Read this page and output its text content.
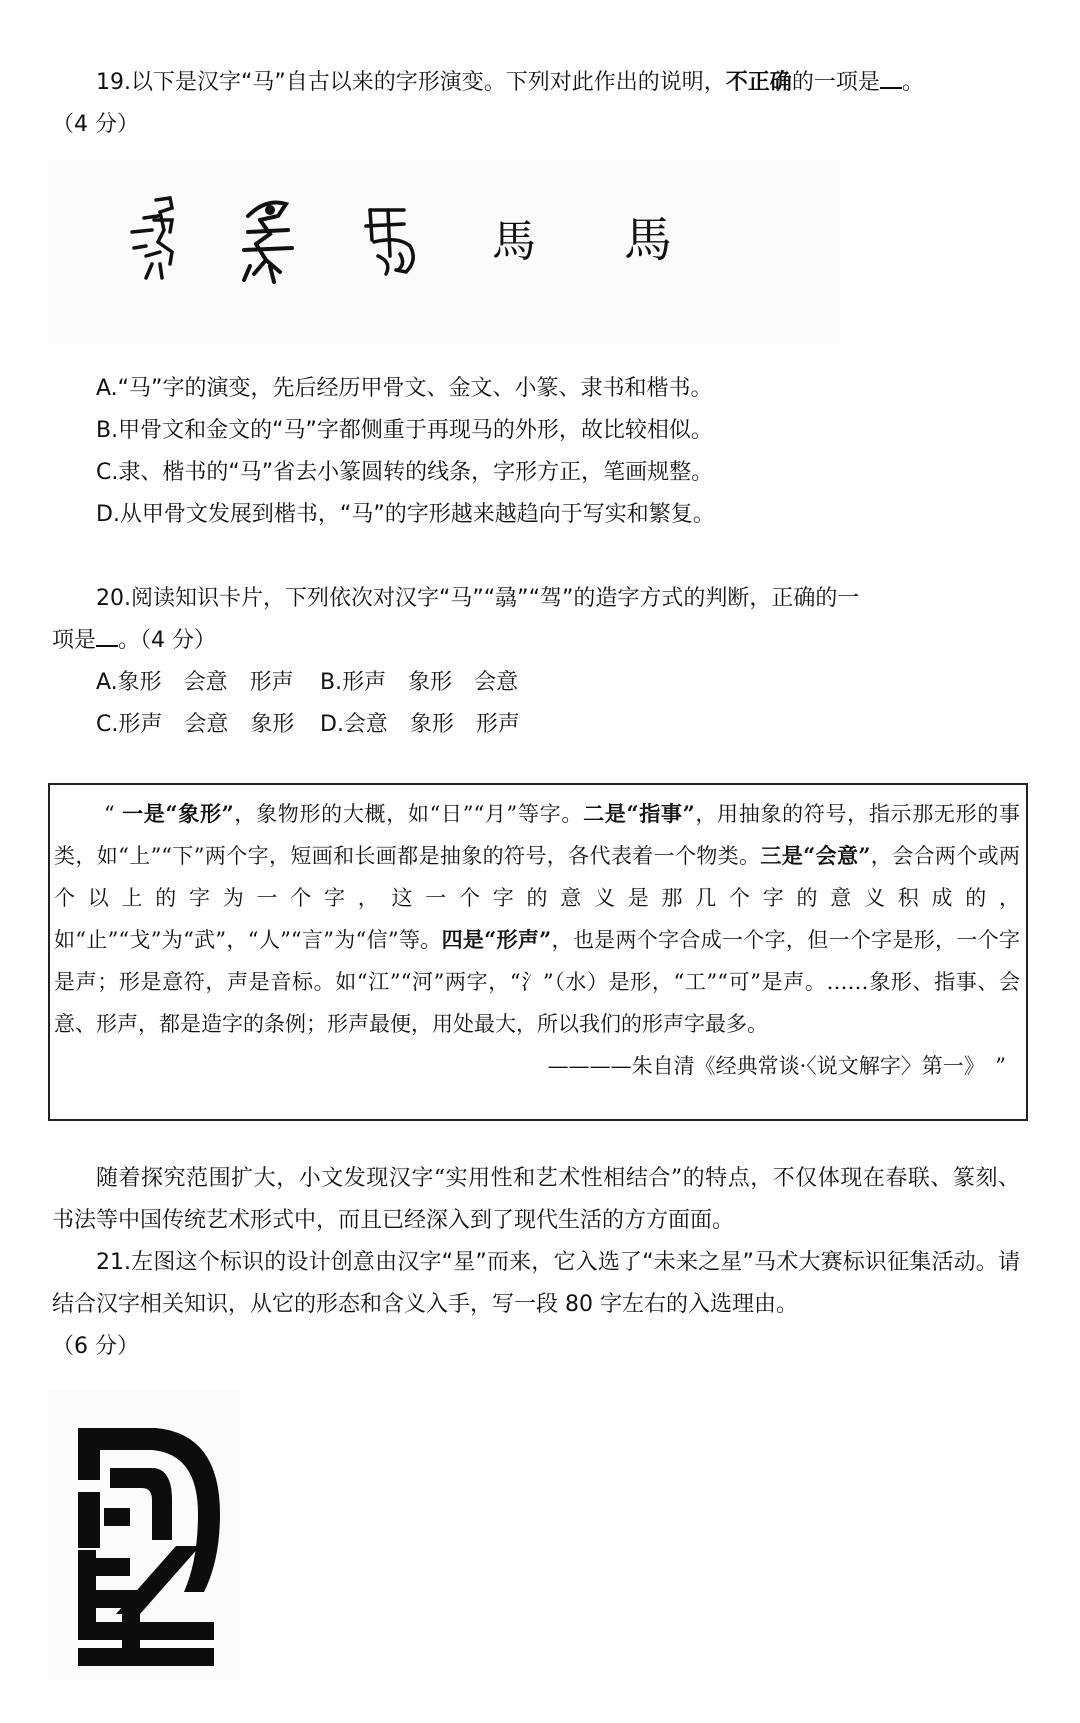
19.以下是汉字“马”自古以来的字形演变。下列对此作出的说明，不正确的一项是 。
（4 分）
馬 馬
A.“马”字的演变，先后经历甲骨文、金文、小篆、隶书和楷书。
B.甲骨文和金文的“马”字都侧重于再现马的外形，故比较相似。
C.隶、楷书的“马”省去小篆圆转的线条，字形方正，笔画规整。
D.从甲骨文发展到楷书，“马”的字形越来越趋向于写实和繁复。
20.阅读知识卡片，下列依次对汉字“马”“骉”“驾”的造字方式的判断，正确的一
项是 。（4 分）
A.象形　会意　形声 B.形声　象形　会意
C.形声　会意　象形 D.会意　象形　形声

“ 一是“象形”，象物形的大概，如“日”“月”等字。二是“指事”，用抽象的符号，指示那无形的事类，如“上”“下”两个字，短画和长画都是抽象的符号，各代表着一个物类。三是“会意”，会合两个或两个以上的字为一个字，这一个字的意义是那几个字的意义积成的，如“止”“戈”为“武”，“人”“言”为“信”等。四是“形声”，也是两个字合成一个字，但一个字是形，一个字是声；形是意符，声是音标。如“江”“河”两字，“氵”（水）是形，“工”“可”是声。……象形、指事、会意、形声，都是造字的条例；形声最便，用处最大，所以我们的形声字最多。

————朱自清《经典常谈·〈说文解字〉第一》　”

随着探究范围扩大，小文发现汉字“实用性和艺术性相结合”的特点，不仅体现在春联、篆刻、书法等中国传统艺术形式中，而且已经深入到了现代生活的方方面面。
21.左图这个标识的设计创意由汉字“星”而来，它入选了“未来之星”马术大赛标识征集活动。请结合汉字相关知识，从它的形态和含义入手，写一段 80 字左右的入选理由。
（6 分）
